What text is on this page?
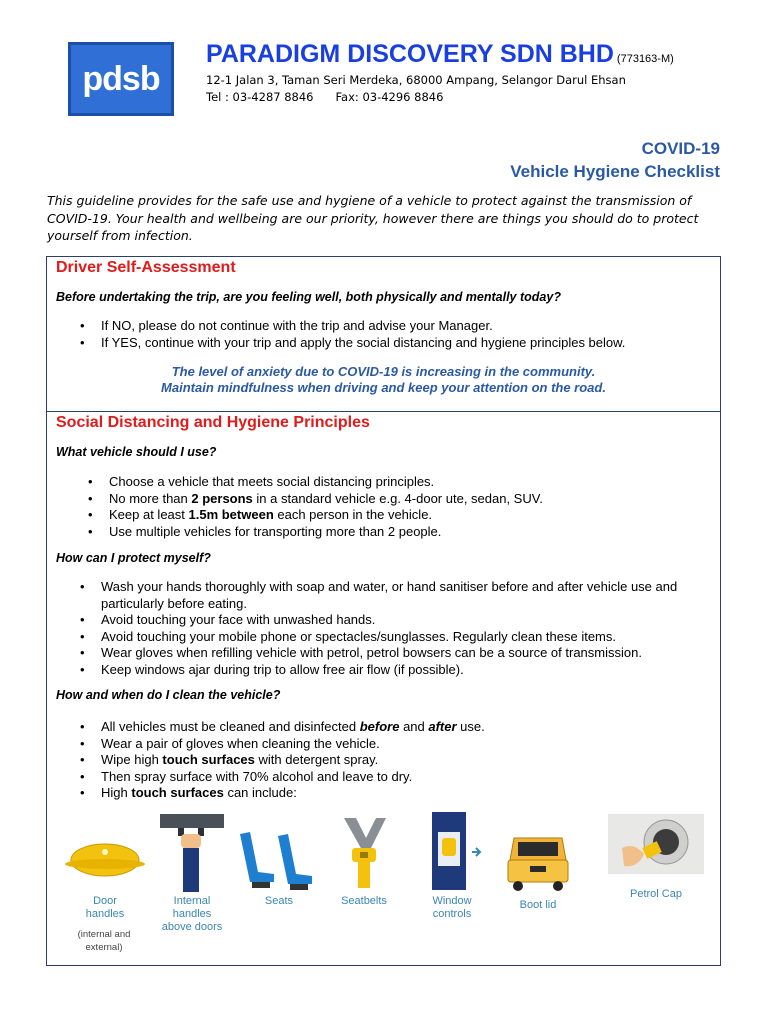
pdsb
PARADIGM DISCOVERY SDN BHD (773163-M)
12-1 Jalan 3, Taman Seri Merdeka, 68000 Ampang, Selangor Darul Ehsan
Tel : 03-4287 8846 Fax: 03-4296 8846
COVID-19
Vehicle Hygiene Checklist
This guideline provides for the safe use and hygiene of a vehicle to protect against the transmission of COVID-19. Your health and wellbeing are our priority, however there are things you should do to protect yourself from infection.
Driver Self-Assessment
Before undertaking the trip, are you feeling well, both physically and mentally today?
• If NO, please do not continue with the trip and advise your Manager.
• If YES, continue with your trip and apply the social distancing and hygiene principles below.
The level of anxiety due to COVID-19 is increasing in the community.
Maintain mindfulness when driving and keep your attention on the road.
Social Distancing and Hygiene Principles
What vehicle should I use?
• Choose a vehicle that meets social distancing principles.
• No more than 2 persons in a standard vehicle e.g. 4-door ute, sedan, SUV.
• Keep at least 1.5m between each person in the vehicle.
• Use multiple vehicles for transporting more than 2 people.
How can I protect myself?
• Wash your hands thoroughly with soap and water, or hand sanitiser before and after vehicle use and particularly before eating.
• Avoid touching your face with unwashed hands.
• Avoid touching your mobile phone or spectacles/sunglasses. Regularly clean these items.
• Wear gloves when refilling vehicle with petrol, petrol bowsers can be a source of transmission.
• Keep windows ajar during trip to allow free air flow (if possible).
How and when do I clean the vehicle?
• All vehicles must be cleaned and disinfected before and after use.
• Wear a pair of gloves when cleaning the vehicle.
• Wipe high touch surfaces with detergent spray.
• Then spray surface with 70% alcohol and leave to dry.
• High touch surfaces can include:
Door
handles
(internal and
external)
Internal
handles
above doors
Seats	Seatbelts	Window
controls
Boot lid
Petrol Cap
